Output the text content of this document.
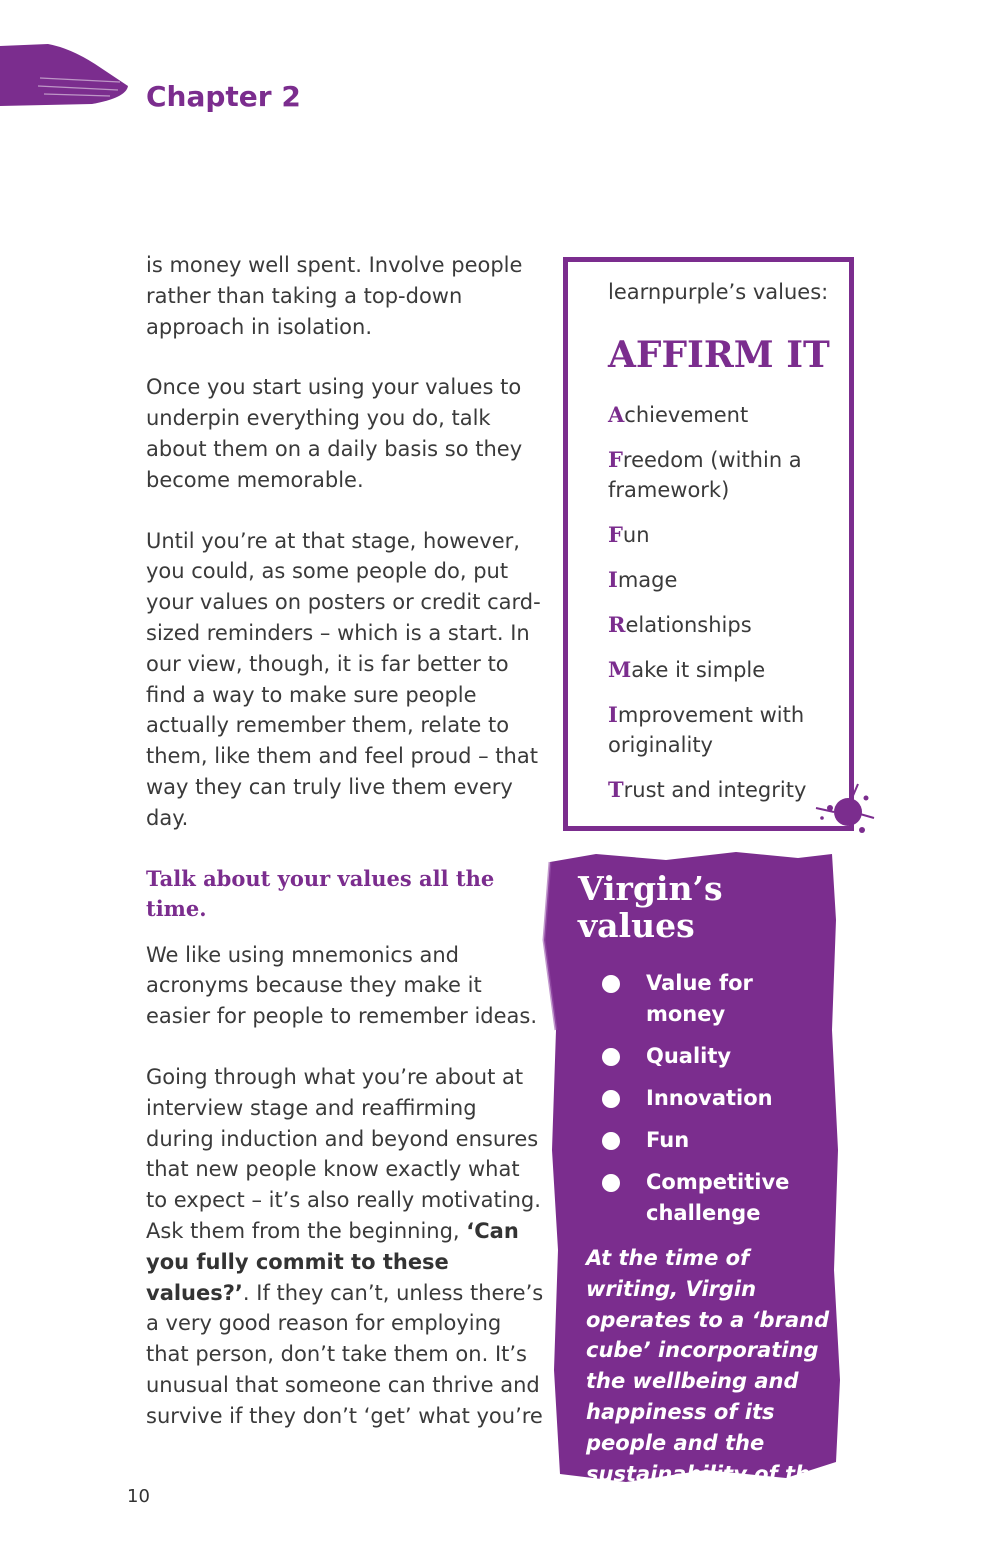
Chapter 2

is money well spent. Involve people rather than taking a top-down approach in isolation.

Once you start using your values to underpin everything you do, talk about them on a daily basis so they become memorable.

Until you’re at that stage, however, you could, as some people do, put your values on posters or credit card-sized reminders – which is a start. In our view, though, it is far better to find a way to make sure people actually remember them, relate to them, like them and feel proud – that way they can truly live them every day.

Talk about your values all the time.

We like using mnemonics and acronyms because they make it easier for people to remember ideas.

Going through what you’re about at interview stage and reaffirming during induction and beyond ensures that new people know exactly what to expect – it’s also really motivating. Ask them from the beginning, ‘Can you fully commit to these values?’. If they can’t, unless there’s a very good reason for employing that person, don’t take them on. It’s unusual that someone can thrive and survive if they don’t ‘get’ what you’re

learnpurple’s values:

AFFIRM IT
Achievement
Freedom (within a framework)
Fun
Image
Relationships
Make it simple
Improvement with originality
Trust and integrity
Virgin’s
values
Value for money
Quality
Innovation
Fun
Competitive challenge

At the time of writing, Virgin operates to a ‘brand cube’ incorporating the wellbeing and happiness of its people and the sustainability of the planet with its values.

10
